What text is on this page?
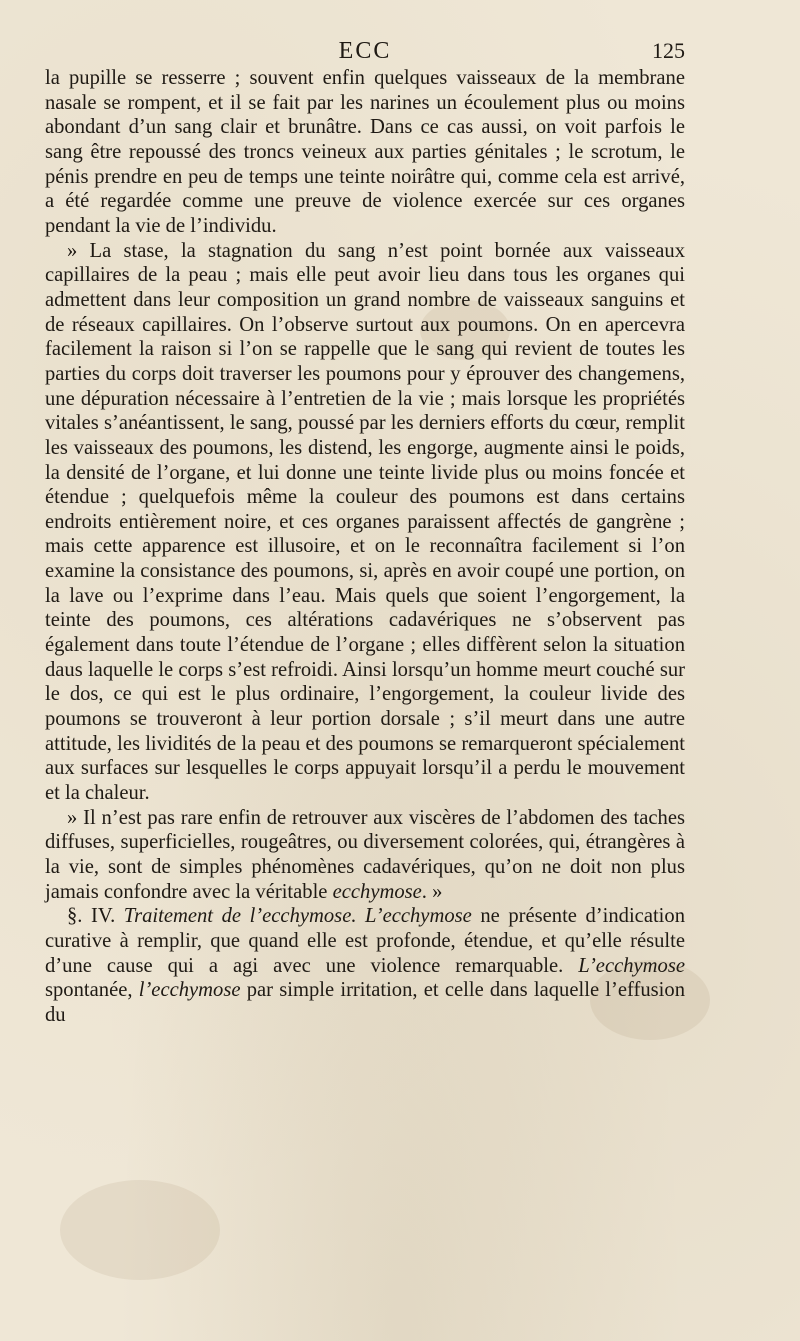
ECC	125

la pupille se resserre ; souvent enfin quelques vaisseaux de la membrane nasale se rompent, et il se fait par les narines un écoulement plus ou moins abondant d’un sang clair et brunâtre. Dans ce cas aussi, on voit parfois le sang être repoussé des troncs veineux aux parties génitales ; le scrotum, le pénis prendre en peu de temps une teinte noirâtre qui, comme cela est arrivé, a été regardée comme une preuve de violence exercée sur ces organes pendant la vie de l’individu.

» La stase, la stagnation du sang n’est point bornée aux vaisseaux capillaires de la peau ; mais elle peut avoir lieu dans tous les organes qui admettent dans leur composition un grand nombre de vaisseaux sanguins et de réseaux capillaires. On l’observe surtout aux poumons. On en apercevra facilement la raison si l’on se rappelle que le sang qui revient de toutes les parties du corps doit traverser les poumons pour y éprouver des changemens, une dépuration nécessaire à l’entretien de la vie ; mais lorsque les propriétés vitales s’anéantissent, le sang, poussé par les derniers efforts du cœur, remplit les vaisseaux des poumons, les distend, les engorge, augmente ainsi le poids, la densité de l’organe, et lui donne une teinte livide plus ou moins foncée et étendue ; quelquefois même la couleur des poumons est dans certains endroits entièrement noire, et ces organes paraissent affectés de gangrène ; mais cette apparence est illusoire, et on le reconnaîtra facilement si l’on examine la consistance des poumons, si, après en avoir coupé une portion, on la lave ou l’exprime dans l’eau. Mais quels que soient l’engorgement, la teinte des poumons, ces altérations cadavériques ne s’observent pas également dans toute l’étendue de l’organe ; elles diffèrent selon la situation daus laquelle le corps s’est refroidi. Ainsi lorsqu’un homme meurt couché sur le dos, ce qui est le plus ordinaire, l’engorgement, la couleur livide des poumons se trouveront à leur portion dorsale ; s’il meurt dans une autre attitude, les lividités de la peau et des poumons se remarqueront spécialement aux surfaces sur lesquelles le corps appuyait lorsqu’il a perdu le mouvement et la chaleur.

» Il n’est pas rare enfin de retrouver aux viscères de l’abdomen des taches diffuses, superficielles, rougeâtres, ou diversement colorées, qui, étrangères à la vie, sont de simples phénomènes cadavériques, qu’on ne doit non plus jamais confondre avec la véritable ecchymose. »

§. IV. Traitement de l’ecchymose. L’ecchymose ne présente d’indication curative à remplir, que quand elle est profonde, étendue, et qu’elle résulte d’une cause qui a agi avec une violence remarquable. L’ecchymose spontanée, l’ecchymose par simple irritation, et celle dans laquelle l’effusion du
